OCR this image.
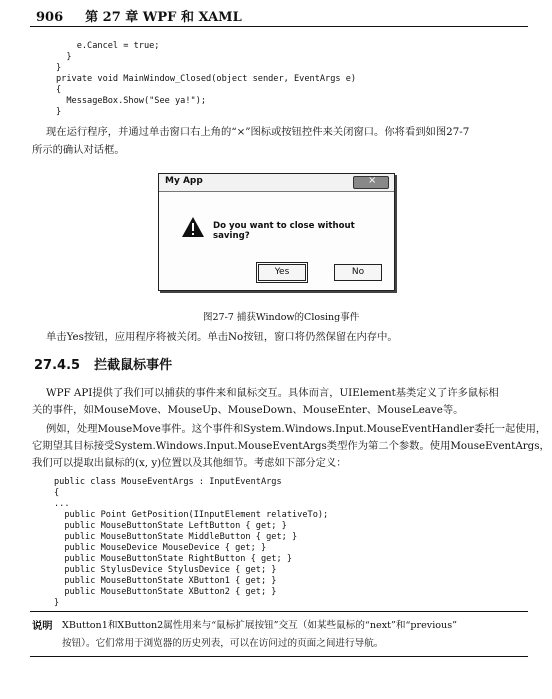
906 第 27 章 WPF 和 XAML
e.Cancel = true;
}
}
private void MainWindow_Closed(object sender, EventArgs e)
{
MessageBox.Show("See ya!");
}

现在运行程序，并通过单击窗口右上角的“×”图标或按钮控件来关闭窗口。你将看到如图27-7

所示的确认对话框。

My App	×
Do you want to close without saving?
Yes	No
图27-7 捕获Window的Closing事件

单击Yes按钮，应用程序将被关闭。单击No按钮，窗口将仍然保留在内存中。

27.4.5 拦截鼠标事件

WPF API提供了我们可以捕获的事件来和鼠标交互。具体而言，UIElement基类定义了许多鼠标相

关的事件，如MouseMove、MouseUp、MouseDown、MouseEnter、MouseLeave等。

例如，处理MouseMove事件。这个事件和System.Windows.Input.MouseEventHandler委托一起使用，

它期望其目标接受System.Windows.Input.MouseEventArgs类型作为第二个参数。使用MouseEventArgs，

我们可以提取出鼠标的(x, y)位置以及其他细节。考虑如下部分定义：

public class MouseEventArgs : InputEventArgs
{
...
public Point GetPosition(IInputElement relativeTo);
public MouseButtonState LeftButton { get; }
public MouseButtonState MiddleButton { get; }
public MouseDevice MouseDevice { get; }
public MouseButtonState RightButton { get; }
public StylusDevice StylusDevice { get; }
public MouseButtonState XButton1 { get; }
public MouseButtonState XButton2 { get; }
}
说明 XButton1和XButton2属性用来与“鼠标扩展按钮”交互（如某些鼠标的“next”和“previous”
按钮）。它们常用于浏览器的历史列表，可以在访问过的页面之间进行导航。
